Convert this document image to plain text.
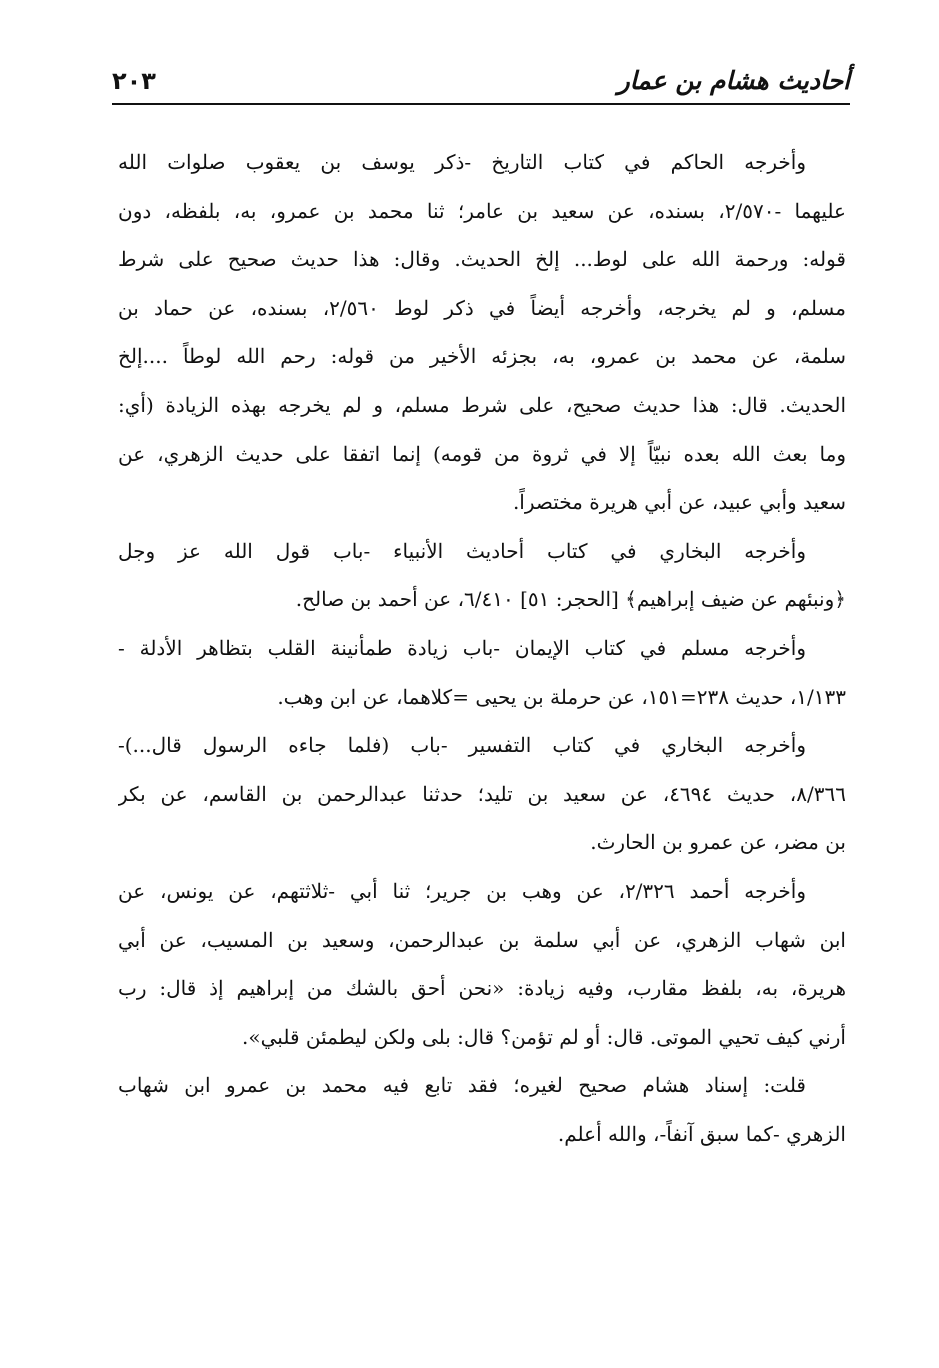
أحاديث هشام بن عمار
٢٠٣
وأخرجه الحاكم في كتاب التاريخ -ذكر يوسف بن يعقوب صلوات الله
عليهما -٢/٥٧٠، بسنده، عن سعيد بن عامر؛ ثنا محمد بن عمرو، به، بلفظه، دون
قوله: ورحمة الله على لوط... إلخ الحديث. وقال: هذا حديث صحيح على شرط
مسلم، و لم يخرجه، وأخرجه أيضاً في ذكر لوط ٢/٥٦٠، بسنده، عن حماد بن
سلمة، عن محمد بن عمرو، به، بجزئه الأخير من قوله: رحم الله لوطاً ....إلخ
الحديث. قال: هذا حديث صحيح، على شرط مسلم، و لم يخرجه بهذه الزيادة (أي:
وما بعث الله بعده نبيّاً إلا في ثروة من قومه) إنما اتفقا على حديث الزهري، عن
سعيد وأبي عبيد، عن أبي هريرة مختصراً.
وأخرجه البخاري في كتاب أحاديث الأنبياء -باب قول الله عز وجل
﴿ونبئهم عن ضيف إبراهيم﴾ [الحجر: ٥١] ٦/٤١٠، عن أحمد بن صالح.
وأخرجه مسلم في كتاب الإيمان -باب زيادة طمأنينة القلب بتظاهر الأدلة -
١/١٣٣، حديث ٢٣٨=١٥١، عن حرملة بن يحيى =كلاهما، عن ابن وهب.
وأخرجه البخاري في كتاب التفسير -باب (فلما جاءه الرسول قال...)-
٨/٣٦٦، حديث ٤٦٩٤، عن سعيد بن تليد؛ حدثنا عبدالرحمن بن القاسم، عن بكر
بن مضر، عن عمرو بن الحارث.
وأخرجه أحمد ٢/٣٢٦، عن وهب بن جرير؛ ثنا أبي -ثلاثتهم، عن يونس، عن
ابن شهاب الزهري، عن أبي سلمة بن عبدالرحمن، وسعيد بن المسيب، عن أبي
هريرة، به، بلفظ مقارب، وفيه زيادة: «نحن أحق بالشك من إبراهيم إذ قال: رب
أرني كيف تحيي الموتى. قال: أو لم تؤمن؟ قال: بلى ولكن ليطمئن قلبي».
قلت: إسناد هشام صحيح لغيره؛ فقد تابع فيه محمد بن عمرو ابن شهاب
الزهري -كما سبق آنفاً-، والله أعلم.
